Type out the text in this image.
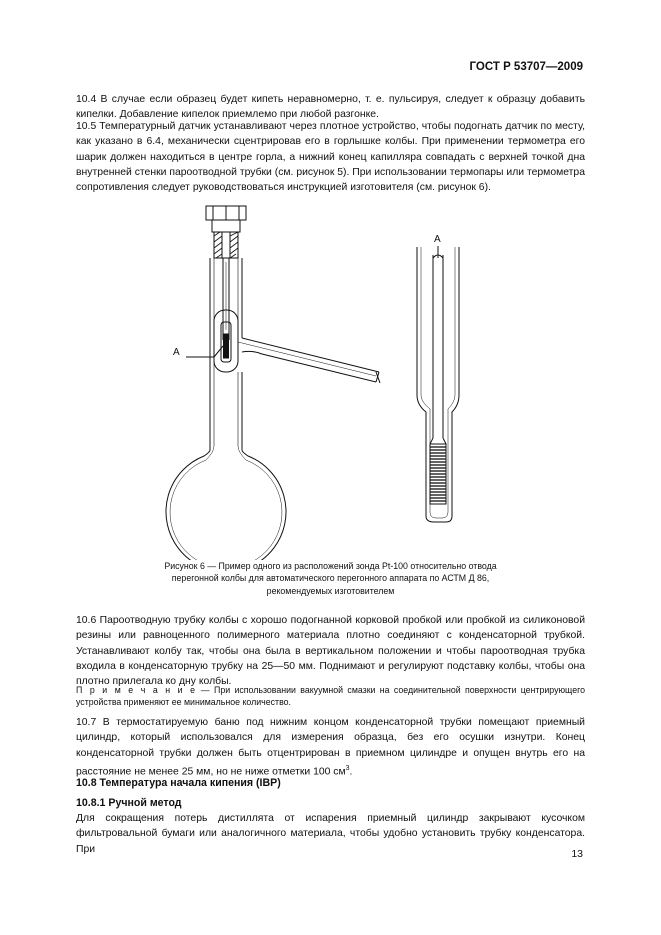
ГОСТ Р 53707—2009

10.4 В случае если образец будет кипеть неравномерно, т. е. пульсируя, следует к образцу добавить кипелки. Добавление кипелок приемлемо при любой разгонке.

10.5 Температурный датчик устанавливают через плотное устройство, чтобы подогнать датчик по месту, как указано в 6.4, механически сцентрировав его в горлышке колбы. При применении термометра его шарик должен находиться в центре горла, а нижний конец капилляра совпадать с верхней точкой дна внутренней стенки пароотводной трубки (см. рисунок 5). При использовании термопары или термометра сопротивления следует руководствоваться инструкцией изготовителя (см. рисунок 6).

A
A
Рисунок 6 — Пример одного из расположений зонда Pt-100 относительно отвода
перегонной колбы для автоматического перегонного аппарата по АСТМ Д 86,
рекомендуемых изготовителем

10.6 Пароотводную трубку колбы с хорошо подогнанной корковой пробкой или пробкой из силиконовой резины или равноценного полимерного материала плотно соединяют с конденсаторной трубкой. Устанавливают колбу так, чтобы она была в вертикальном положении и чтобы пароотводная трубка входила в конденсаторную трубку на 25—50 мм. Поднимают и регулируют подставку колбы, чтобы она плотно прилегала ко дну колбы.

П р и м е ч а н и е — При использовании вакуумной смазки на соединительной поверхности центрирующего устройства применяют ее минимальное количество.

10.7 В термостатируемую баню под нижним концом конденсаторной трубки помещают приемный цилиндр, который использовался для измерения образца, без его осушки изнутри. Конец конденсаторной трубки должен быть отцентрирован в приемном цилиндре и опущен внутрь его на расстояние не менее 25 мм, но не ниже отметки 100 $см^3$.

10.8 Температура начала кипения (IBP)
10.8.1 Ручной метод

Для сокращения потерь дистиллята от испарения приемный цилиндр закрывают кусочком фильтровальной бумаги или аналогичного материала, чтобы удобно установить трубку конденсатора. При	13
